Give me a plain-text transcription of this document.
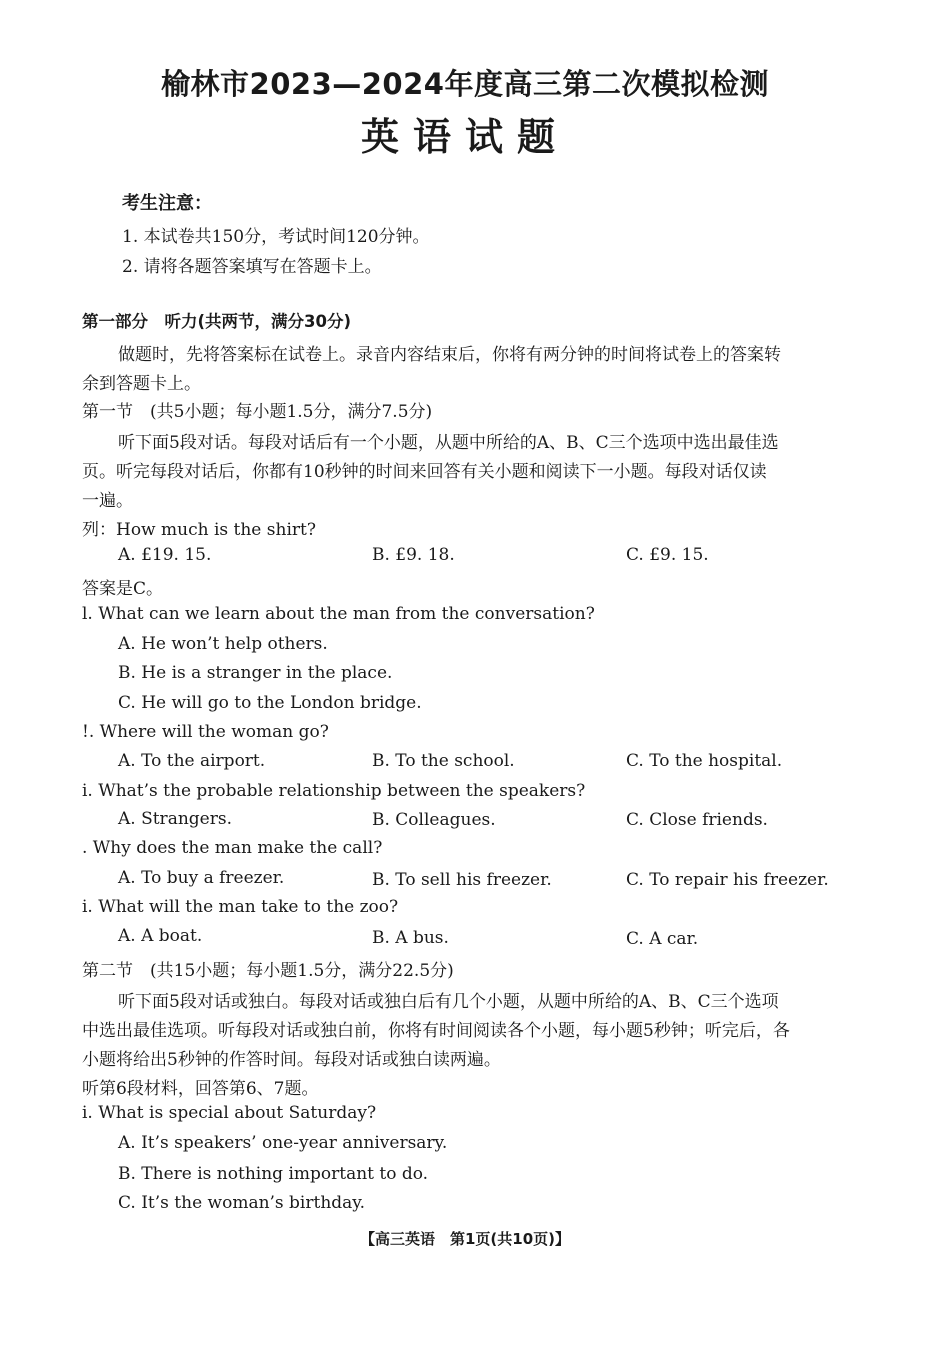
榆林市2023—2024年度高三第二次模拟检测
英语试题
考生注意：
1. 本试卷共150分，考试时间120分钟。
2. 请将各题答案填写在答题卡上。
第一部分　听力(共两节，满分30分)
做题时，先将答案标在试卷上。录音内容结束后，你将有两分钟的时间将试卷上的答案转
余到答题卡上。
第一节　(共5小题；每小题1.5分，满分7.5分)
听下面5段对话。每段对话后有一个小题，从题中所给的A、B、C三个选项中选出最佳选
页。听完每段对话后，你都有10秒钟的时间来回答有关小题和阅读下一小题。每段对话仅读
一遍。
列：How much is the shirt?
A. £19. 15.	B. £9. 18.	C. £9. 15.
答案是C。
l. What can we learn about the man from the conversation?
A. He won’t help others.
B. He is a stranger in the place.
C. He will go to the London bridge.
!. Where will the woman go?
A. To the airport.	B. To the school.	C. To the hospital.
i. What’s the probable relationship between the speakers?
A. Strangers.	B. Colleagues.	C. Close friends.
. Why does the man make the call?
A. To buy a freezer.	B. To sell his freezer.	C. To repair his freezer.
i. What will the man take to the zoo?
A. A boat.	B. A bus.	C. A car.
第二节　(共15小题；每小题1.5分，满分22.5分)
听下面5段对话或独白。每段对话或独白后有几个小题，从题中所给的A、B、C三个选项
中选出最佳选项。听每段对话或独白前，你将有时间阅读各个小题，每小题5秒钟；听完后，各
小题将给出5秒钟的作答时间。每段对话或独白读两遍。
听第6段材料，回答第6、7题。
i. What is special about Saturday?
A. It’s speakers’ one-year anniversary.
B. There is nothing important to do.
C. It’s the woman’s birthday.
【高三英语　第1页(共10页)】
